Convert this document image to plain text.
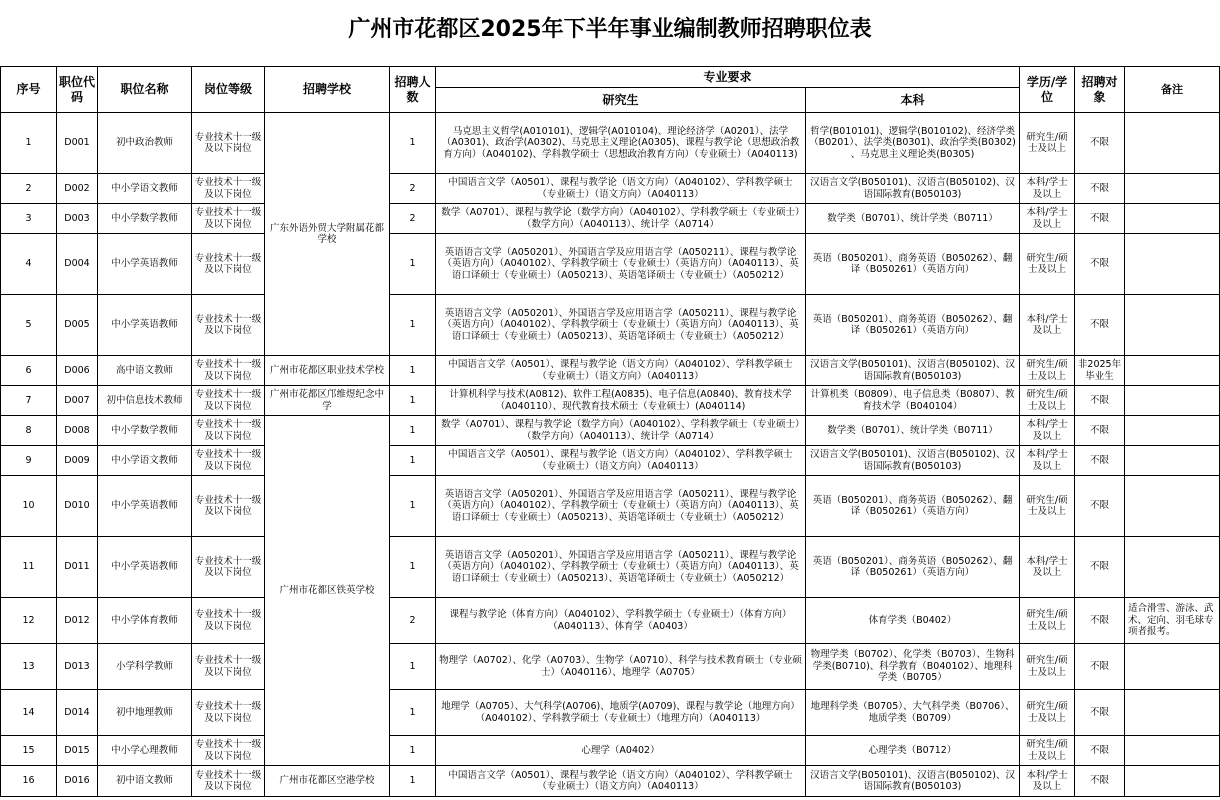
广州市花都区2025年下半年事业编制教师招聘职位表
序号	职位代码	职位名称	岗位等级	招聘学校	招聘人数	专业要求		学历/学位	招聘对象	备注
						研究生	本科			
1	D001	初中政治教师	专业技术十一级及以下岗位	广东外语外贸大学附属花都学校	1	马克思主义哲学(A010101)、逻辑学(A010104)、理论经济学（A0201）、法学（A0301)、政治学(A0302)、马克思主义理论(A0305)、课程与教学论（思想政治教育方向）（A040102)、学科教学硕士（思想政治教育方向）（专业硕士）（A040113)	哲学(B010101)、逻辑学(B010102)、经济学类（B0201）、法学类(B0301)、政治学类(B0302) 、马克思主义理论类(B0305)	研究生/硕士及以上	不限	
2	D002	中小学语文教师	专业技术十一级及以下岗位		2	中国语言文学（A0501）、课程与教学论（语文方向）（A040102）、学科教学硕士（专业硕士）（语文方向）（A040113）	汉语言文学(B050101)、汉语言(B050102)、汉语国际教育(B050103)	本科/学士及以上	不限	
3	D003	中小学数学教师	专业技术十一级及以下岗位		2	数学（A0701）、课程与教学论（数学方向）（A040102）、学科教学硕士（专业硕士）（数学方向）（A040113）、统计学（A0714）	数学类（B0701）、统计学类（B0711）	本科/学士及以上	不限	
4	D004	中小学英语教师	专业技术十一级及以下岗位		1	英语语言文学（A050201）、外国语言学及应用语言学（A050211）、课程与教学论（英语方向）（A040102）、学科教学硕士（专业硕士）（英语方向）（A040113）、英语口译硕士（专业硕士）（A050213）、英语笔译硕士（专业硕士）（A050212）	英语（B050201）、商务英语（B050262）、翻译（B050261）（英语方向）	研究生/硕士及以上	不限	
5	D005	中小学英语教师	专业技术十一级及以下岗位		1	英语语言文学（A050201）、外国语言学及应用语言学（A050211）、课程与教学论（英语方向）（A040102）、学科教学硕士（专业硕士）（英语方向）（A040113）、英语口译硕士（专业硕士）（A050213）、英语笔译硕士（专业硕士）（A050212）	英语（B050201）、商务英语（B050262）、翻译（B050261）（英语方向）	本科/学士及以上	不限	
6	D006	高中语文教师	专业技术十一级及以下岗位	广州市花都区职业技术学校	1	中国语言文学（A0501）、课程与教学论（语文方向）（A040102）、学科教学硕士（专业硕士）（语文方向）（A040113）	汉语言文学(B050101)、汉语言(B050102)、汉语国际教育(B050103)	研究生/硕士及以上	非2025年毕业生	
7	D007	初中信息技术教师	专业技术十一级及以下岗位	广州市花都区邝维煜纪念中学	1	计算机科学与技术(A0812)、软件工程(A0835)、电子信息(A0840)、教育技术学（A040110）、现代教育技术硕士（专业硕士）(A040114)	计算机类（B0809）、电子信息类（B0807）、教育技术学（B040104）	研究生/硕士及以上	不限	
8	D008	中小学数学教师	专业技术十一级及以下岗位	广州市花都区铁英学校	1	数学（A0701）、课程与教学论（数学方向）（A040102）、学科教学硕士（专业硕士）（数学方向）（A040113）、统计学（A0714）	数学类（B0701）、统计学类（B0711）	本科/学士及以上	不限	
9	D009	中小学语文教师	专业技术十一级及以下岗位		1	中国语言文学（A0501）、课程与教学论（语文方向）（A040102）、学科教学硕士（专业硕士）（语文方向）（A040113）	汉语言文学(B050101)、汉语言(B050102)、汉语国际教育(B050103)	本科/学士及以上	不限	
10	D010	中小学英语教师	专业技术十一级及以下岗位		1	英语语言文学（A050201）、外国语言学及应用语言学（A050211）、课程与教学论（英语方向）（A040102）、学科教学硕士（专业硕士）（英语方向）（A040113）、英语口译硕士（专业硕士）（A050213）、英语笔译硕士（专业硕士）（A050212）	英语（B050201）、商务英语（B050262）、翻译（B050261）（英语方向）	研究生/硕士及以上	不限	
11	D011	中小学英语教师	专业技术十一级及以下岗位		1	英语语言文学（A050201）、外国语言学及应用语言学（A050211）、课程与教学论（英语方向）（A040102）、学科教学硕士（专业硕士）（英语方向）（A040113）、英语口译硕士（专业硕士）（A050213）、英语笔译硕士（专业硕士）（A050212）	英语（B050201）、商务英语（B050262）、翻译（B050261）（英语方向）	本科/学士及以上	不限	
12	D012	中小学体育教师	专业技术十一级及以下岗位		2	课程与教学论（体育方向）（A040102）、学科教学硕士（专业硕士）（体育方向）（A040113）、体育学（A0403）	体育学类（B0402）	研究生/硕士及以上	不限	适合滑雪、游泳、武术、定向、羽毛球专项者报考。
13	D013	小学科学教师	专业技术十一级及以下岗位		1	物理学（A0702）、化学（A0703）、生物学（A0710）、科学与技术教育硕士（专业硕士）（A040116）、地理学（A0705）	物理学类（B0702）、化学类（B0703）、生物科学类(B0710)、科学教育（B040102）、地理科学类（B0705）	研究生/硕士及以上	不限	
14	D014	初中地理教师	专业技术十一级及以下岗位		1	地理学（A0705）、大气科学(A0706)、地质学(A0709)、课程与教学论（地理方向）（A040102）、学科教学硕士（专业硕士）（地理方向）（A040113）	地理科学类（B0705）、大气科学类（B0706）、地质学类（B0709）	研究生/硕士及以上	不限	
15	D015	中小学心理教师	专业技术十一级及以下岗位		1	心理学（A0402）	心理学类（B0712）	研究生/硕士及以上	不限	
16	D016	初中语文教师	专业技术十一级及以下岗位	广州市花都区空港学校	1	中国语言文学（A0501）、课程与教学论（语文方向）（A040102）、学科教学硕士（专业硕士）（语文方向）（A040113）	汉语言文学(B050101)、汉语言(B050102)、汉语国际教育(B050103)	本科/学士及以上	不限	
